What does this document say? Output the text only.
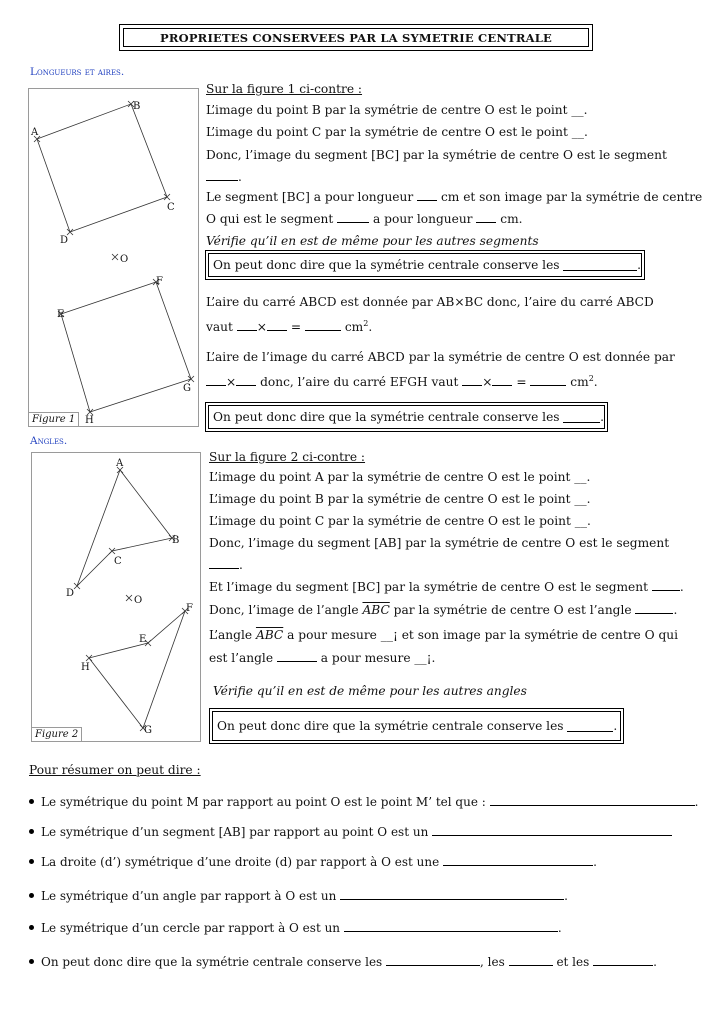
PROPRIETES CONSERVEES PAR LA SYMETRIE CENTRALE
Longueurs et aires.
A
B
C
D
O
E
F
G
H
Figure 1
Sur la figure 1 ci-contre :
L’image du point B par la symétrie de centre O est le point __.
L’image du point C par la symétrie de centre O est le point __.
Donc, l’image du segment [BC] par la symétrie de centre O est le segment
.
Le segment [BC] a pour longueur cm et son image par la symétrie de centre
O qui est le segment	a pour longueur cm.
Vérifie qu’il en est de même pour les autres segments
On peut donc dire que la symétrie centrale conserve les
	.
L’aire du carré ABCD est donnée par AB×BC donc, l’aire du carré ABCD
vaut × =	$cm^2$.
L’aire de l’image du carré ABCD par la symétrie de centre O est donnée par
× donc, l’aire du carré EFGH vaut × =	$cm^2$.
On peut donc dire que la symétrie centrale conserve les
	.
Angles.
A
B
C
D
O
E
F
G
H
Figure 2
Sur la figure 2 ci-contre :
L’image du point A par la symétrie de centre O est le point __.
L’image du point B par la symétrie de centre O est le point __.
L’image du point C par la symétrie de centre O est le point __.
Donc, l’image du segment [AB] par la symétrie de centre O est le segment
.
Et l’image du segment [BC] par la symétrie de centre O est le segment	.
Donc, l’image de l’angle $\overline{ABC}$ par la symétrie de centre O est l’angle	.
L’angle $\overline{ABC}$ a pour mesure __¡ et son image par la symétrie de centre O qui
est l’angle	a pour mesure __¡.
Vérifie qu’il en est de même pour les autres angles
On peut donc dire que la symétrie centrale conserve les
	.
Pour résumer on peut dire :
Le symétrique du point M par rapport au point O est le point M’ tel que :	.
Le symétrique d’un segment [AB] par rapport au point O est un
La droite (d’) symétrique d’une droite (d) par rapport à O est une	.
Le symétrique d’un angle par rapport à O est un	.
Le symétrique d’un cercle par rapport à O est un	.
On peut donc dire que la symétrie centrale conserve les	, les	et les	.
